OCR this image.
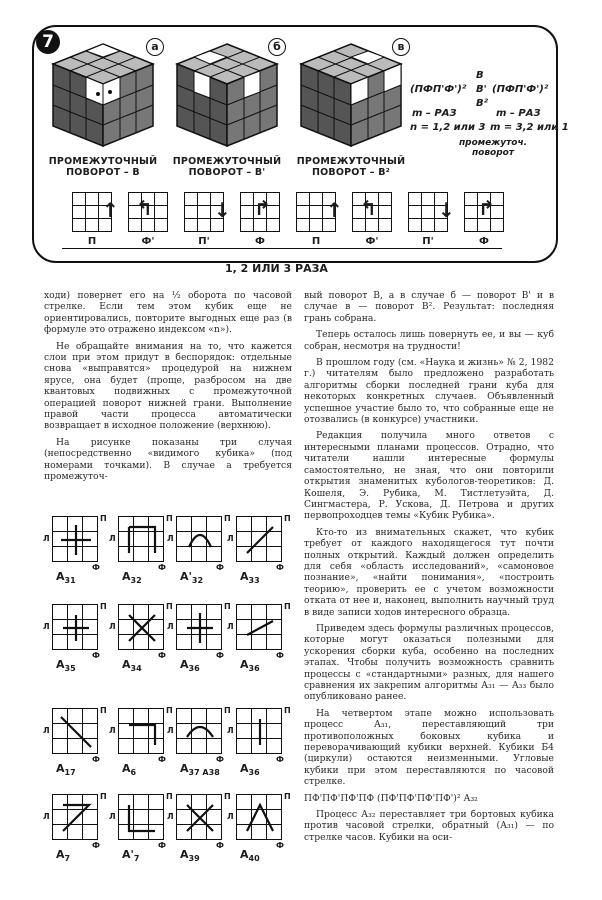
7	а	б	в
(ПФП'Ф')²
В
В'
В²
(ПФП'Ф')²
m – РАЗ
n = 1,2 или 3
m – РАЗ
m = 3,2 или 1
промежуточ. поворот
ПРОМЕЖУТОЧНЫЙ ПОВОРОТ – В
ПРОМЕЖУТОЧНЫЙ ПОВОРОТ – В'
ПРОМЕЖУТОЧНЫЙ ПОВОРОТ – В²
↑ ↰	↓ ↱	↑ ↰	↓ ↱
П	Ф'	П'	Ф	П	Ф'	П'	Ф
1, 2 ИЛИ 3 РАЗА

ходи) повернет его на ½ оборота по часовой стрелке. Если тем этом кубик еще не ориентировались, повторите выгодных еще раз (в формуле это отражено индексом «n»).

Не обращайте внимания на то, что кажется слои при этом придут в беспорядок: отдельные снова «выправятся» процедурой на нижнем ярусе, она будет (проще, разбросом на две квантовых подвижных с промежуточной операцией поворот нижней грани. Выполнение правой части процесса автоматически возвращает в исходное положение (верхнюю).

На рисунке показаны три случая (непосредственно «видимого кубика» (под номерами точками). В случае а требуется промежуточ-

П
Ф
Л
$A_{31}$
П
Ф
Л
$A_{32}$
П
Ф
Л
$A'_{32}$
П
Ф
Л
$A_{33}$
П
Ф
Л
$A_{35}$
П
Ф
Л
$A_{34}$
П
Ф
Л
$A_{36}$
П
Ф
Л
$A_{36}$
П
Ф
Л
$A_{17}$
П
Ф
Л
$A_6$
П
Ф
Л
$A_{37 A38}$
П
Ф
Л
$A_{36}$
П
Ф
Л
$A_7$
П
Ф
Л
$A'_7$
П
Ф
Л
$A_{39}$
П
Ф
Л
$A_{40}$

вый поворот В, а в случае б — поворот В' и в случае в — поворот В². Результат: последняя грань собрана.

Теперь осталось лишь повернуть ее, и вы — куб собран, несмотря на трудности!

В прошлом году (см. «Наука и жизнь» № 2, 1982 г.) читателям было предложено разработать алгоритмы сборки последней грани куба для некоторых конкретных случаев. Объявленный успешное участие было то, что собранные еще не отозвались (в конкурсе) участники.

Редакция получила много ответов с интересными планами процессов. Отрадно, что читатели нашли интересные формулы самостоятельно, не зная, что они повторили открытия знаменитых кубологов-теоретиков: Д. Кошеля, Э. Рубика, М. Тистлетуэйта, Д. Сингмастера, Р. Ускова, Д. Петрова и других первопроходцев темы «Кубик Рубика».

Кто-то из внимательных скажет, что кубик требует от каждого находящегося тут почти полных открытий. Каждый должен определить для себя «область исследований», «самоновое познание», «найти понимания», «построить теорию», проверить ее с учетом возможности отката от нее и, наконец, выполнить научный труд в виде записи ходов интересного образца.

Приведем здесь формулы различных процессов, которые могут оказаться полезными для ускорения сборки куба, особенно на последних этапах. Чтобы получить возможность сравнить процессы с «стандартными» разных, для нашего сравнения их закрепим алгоритмы А₃₁ — А₃₃ было опубликовано ранее.

На четвертом этапе можно использовать процесс А₃₁, переставляющий три противоположных боковых кубика и переворачивающий кубики верхней. Кубики Б4 (циркули) остаются неизменными. Угловые кубики при этом переставляются по часовой стрелке.

ПФ'ПФ'ПФ'ПФ (ПФ'ПФ'ПФ'ПФ')² А₃₂

Процесс А₃₂ переставляет три бортовых кубика против часовой стрелки, обратный (А₃₁) — по стрелке часов. Кубики на оси-
